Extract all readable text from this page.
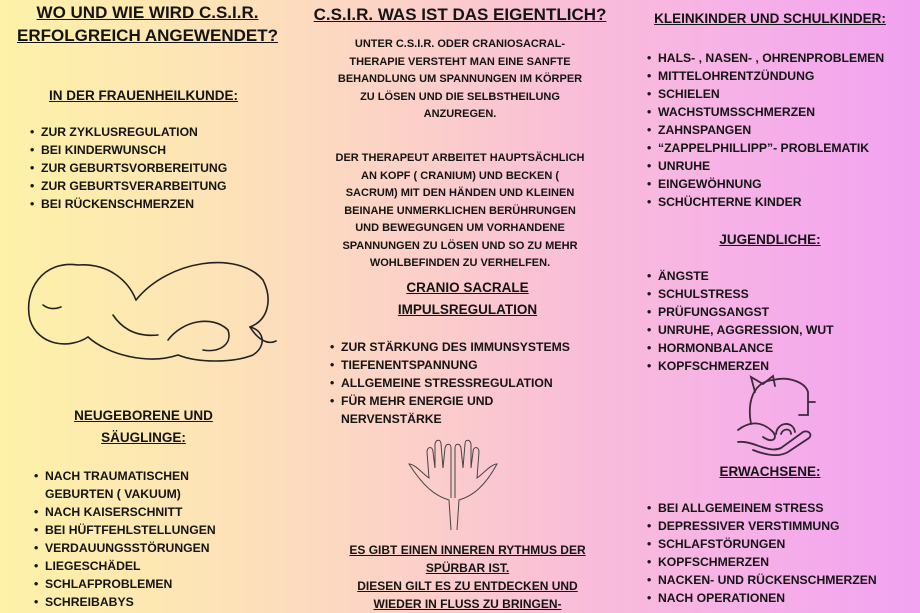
WO UND WIE WIRD C.S.I.R.
ERFOLGREICH ANGEWENDET?
IN DER FRAUENHEILKUNDE:
• ZUR ZYKLUSREGULATION
• BEI KINDERWUNSCH
• ZUR GEBURTSVORBEREITUNG
• ZUR GEBURTSVERARBEITUNG
• BEI RÜCKENSCHMERZEN
NEUGEBORENE UND
SÄUGLINGE:
• NACH TRAUMATISCHEN
GEBURTEN ( VAKUUM)
• NACH KAISERSCHNITT
• BEI HÜFTFEHLSTELLUNGEN
• VERDAUUNGSSTÖRUNGEN
• LIEGESCHÄDEL
• SCHLAFPROBLEMEN
• SCHREIBABYS
C.S.I.R. WAS IST DAS EIGENTLICH?
UNTER C.S.I.R. ODER CRANIOSACRAL-
THERAPIE VERSTEHT MAN EINE SANFTE
BEHANDLUNG UM SPANNUNGEN IM KÖRPER
ZU LÖSEN UND DIE SELBSTHEILUNG
ANZUREGEN.
DER THERAPEUT ARBEITET HAUPTSÄCHLICH
AN KOPF ( CRANIUM) UND BECKEN (
SACRUM) MIT DEN HÄNDEN UND KLEINEN
BEINAHE UNMERKLICHEN BERÜHRUNGEN
UND BEWEGUNGEN UM VORHANDENE
SPANNUNGEN ZU LÖSEN UND SO ZU MEHR
WOHLBEFINDEN ZU VERHELFEN.
CRANIO SACRALE
IMPULSREGULATION
• ZUR STÄRKUNG DES IMMUNSYSTEMS
• TIEFENENTSPANNUNG
• ALLGEMEINE STRESSREGULATION
• FÜR MEHR ENERGIE UND
NERVENSTÄRKE
ES GIBT EINEN INNEREN RYTHMUS DER
SPÜRBAR IST.
DIESEN GILT ES ZU ENTDECKEN UND
WIEDER IN FLUSS ZU BRINGEN-
KLEINKINDER UND SCHULKINDER:
• HALS- , NASEN- , OHRENPROBLEMEN
• MITTELOHRENTZÜNDUNG
• SCHIELEN
• WACHSTUMSSCHMERZEN
• ZAHNSPANGEN
• “ZAPPELPHILLIPP”- PROBLEMATIK
• UNRUHE
• EINGEWÖHNUNG
• SCHÜCHTERNE KINDER
JUGENDLICHE:
• ÄNGSTE
• SCHULSTRESS
• PRÜFUNGSANGST
• UNRUHE, AGGRESSION, WUT
• HORMONBALANCE
• KOPFSCHMERZEN
ERWACHSENE:
• BEI ALLGEMEINEM STRESS
• DEPRESSIVER VERSTIMMUNG
• SCHLAFSTÖRUNGEN
• KOPFSCHMERZEN
• NACKEN- UND RÜCKENSCHMERZEN
• NACH OPERATIONEN
